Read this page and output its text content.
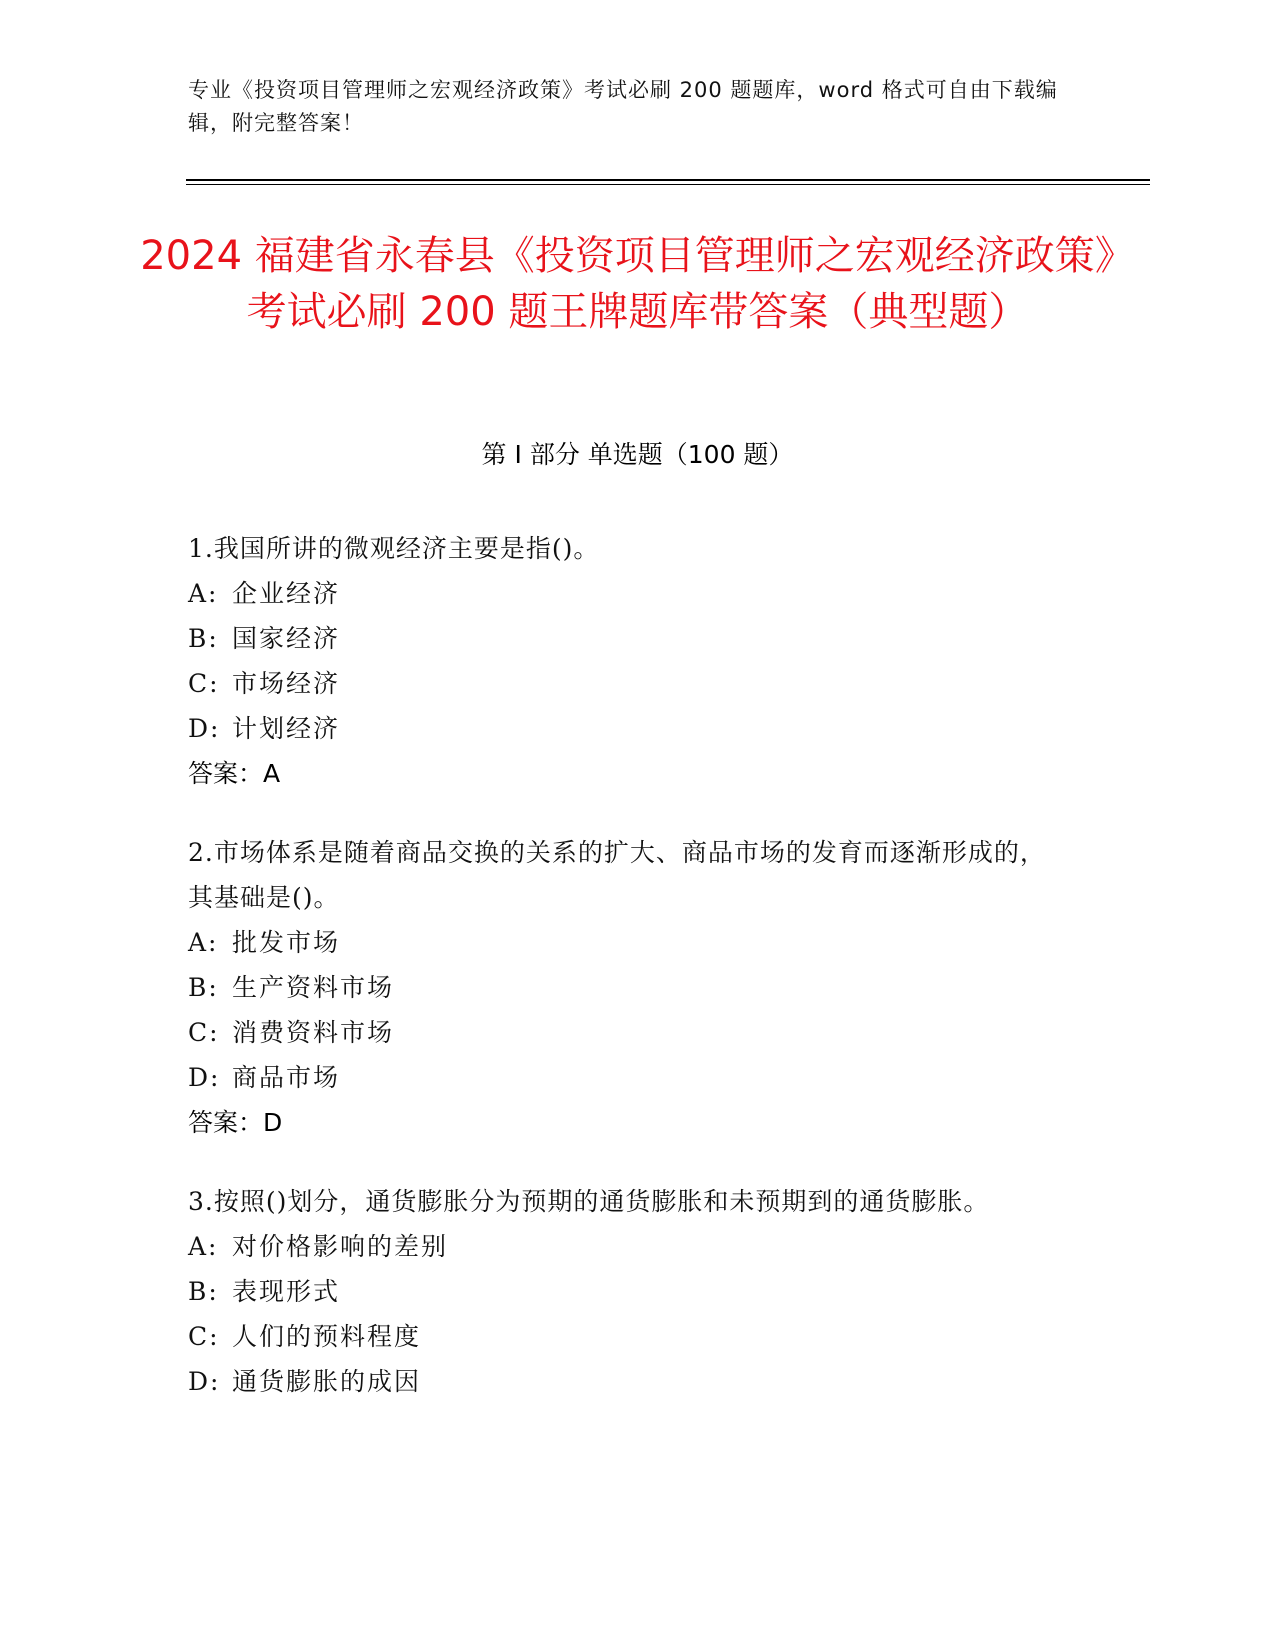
专业《投资项目管理师之宏观经济政策》考试必刷 200 题题库，word 格式可自由下载编辑，附完整答案！
2024 福建省永春县《投资项目管理师之宏观经济政策》考试必刷 200 题王牌题库带答案（典型题）
第 I 部分 单选题（100 题）
1.我国所讲的微观经济主要是指()。
A: 企业经济
B: 国家经济
C: 市场经济
D: 计划经济
答案：A
2.市场体系是随着商品交换的关系的扩大、商品市场的发育而逐渐形成的，其基础是()。
A: 批发市场
B: 生产资料市场
C: 消费资料市场
D: 商品市场
答案：D
3.按照()划分，通货膨胀分为预期的通货膨胀和未预期到的通货膨胀。
A: 对价格影响的差别
B: 表现形式
C: 人们的预料程度
D: 通货膨胀的成因
